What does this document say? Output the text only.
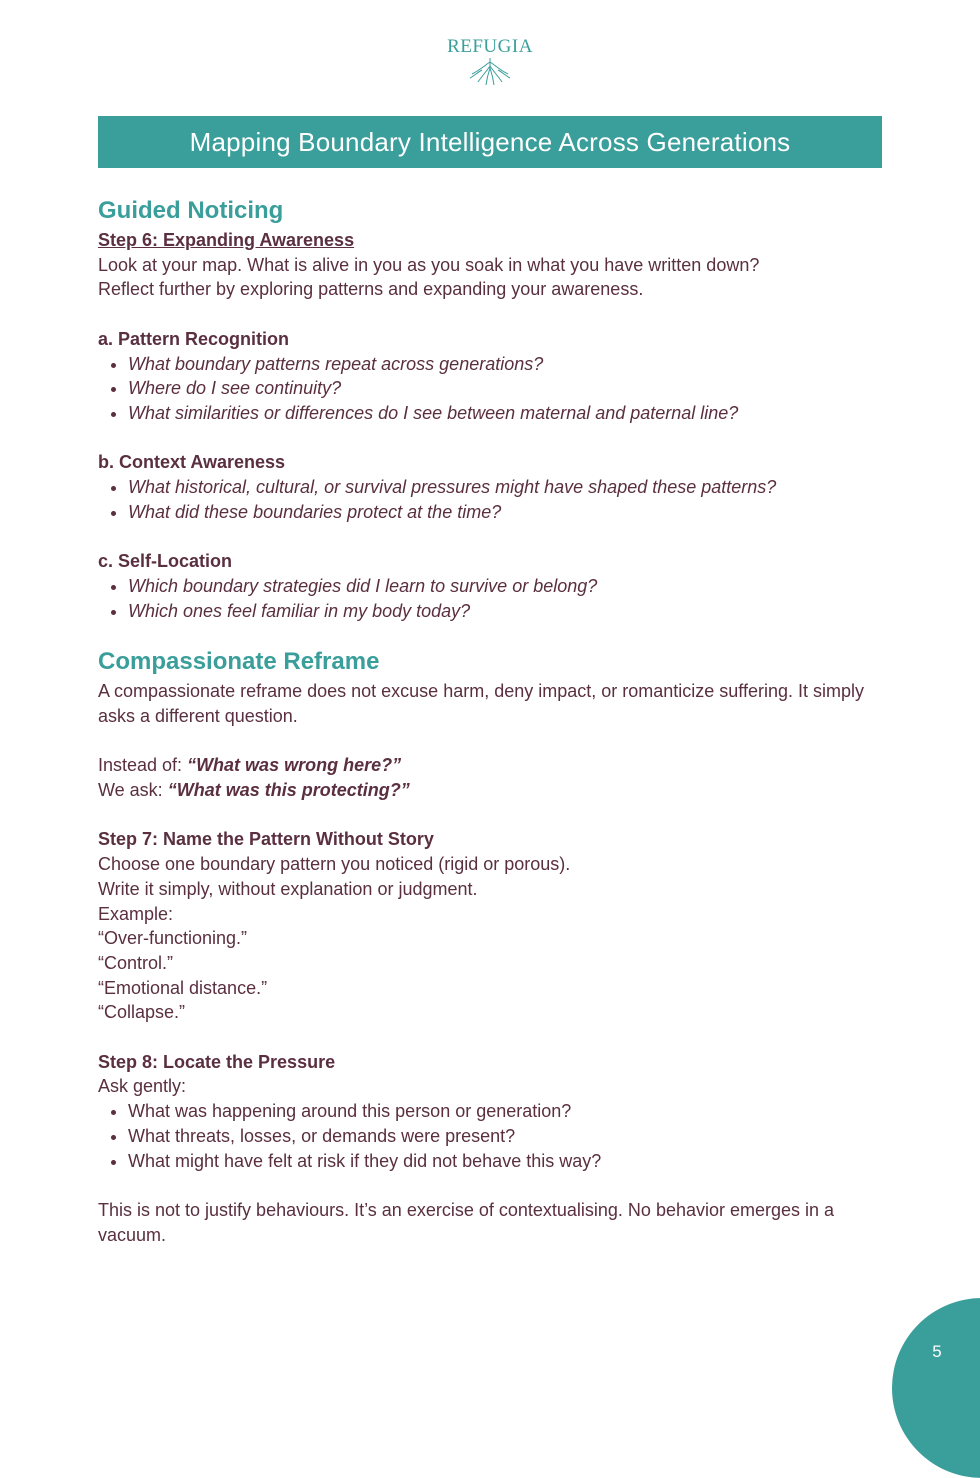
REFUGIA
Mapping Boundary Intelligence Across Generations
Guided Noticing

Step 6: Expanding Awareness

Look at your map. What is alive in you as you soak in what you have written down?

Reflect further by exploring patterns and expanding your awareness.

a. Pattern Recognition

• What boundary patterns repeat across generations?
• Where do I see continuity?
• What similarities or differences do I see between maternal and paternal line?

b. Context Awareness

• What historical, cultural, or survival pressures might have shaped these patterns?
• What did these boundaries protect at the time?

c. Self-Location

• Which boundary strategies did I learn to survive or belong?
• Which ones feel familiar in my body today?
Compassionate Reframe

A compassionate reframe does not excuse harm, deny impact, or romanticize suffering. It simply asks a different question.

Instead of: “What was wrong here?”

We ask: “What was this protecting?”

Step 7: Name the Pattern Without Story

Choose one boundary pattern you noticed (rigid or porous).

Write it simply, without explanation or judgment.

Example:

“Over-functioning.”

“Control.”

“Emotional distance.”

“Collapse.”

Step 8: Locate the Pressure

Ask gently:

• What was happening around this person or generation?
• What threats, losses, or demands were present?
• What might have felt at risk if they did not behave this way?

This is not to justify behaviours. It’s an exercise of contextualising. No behavior emerges in a vacuum.

5
